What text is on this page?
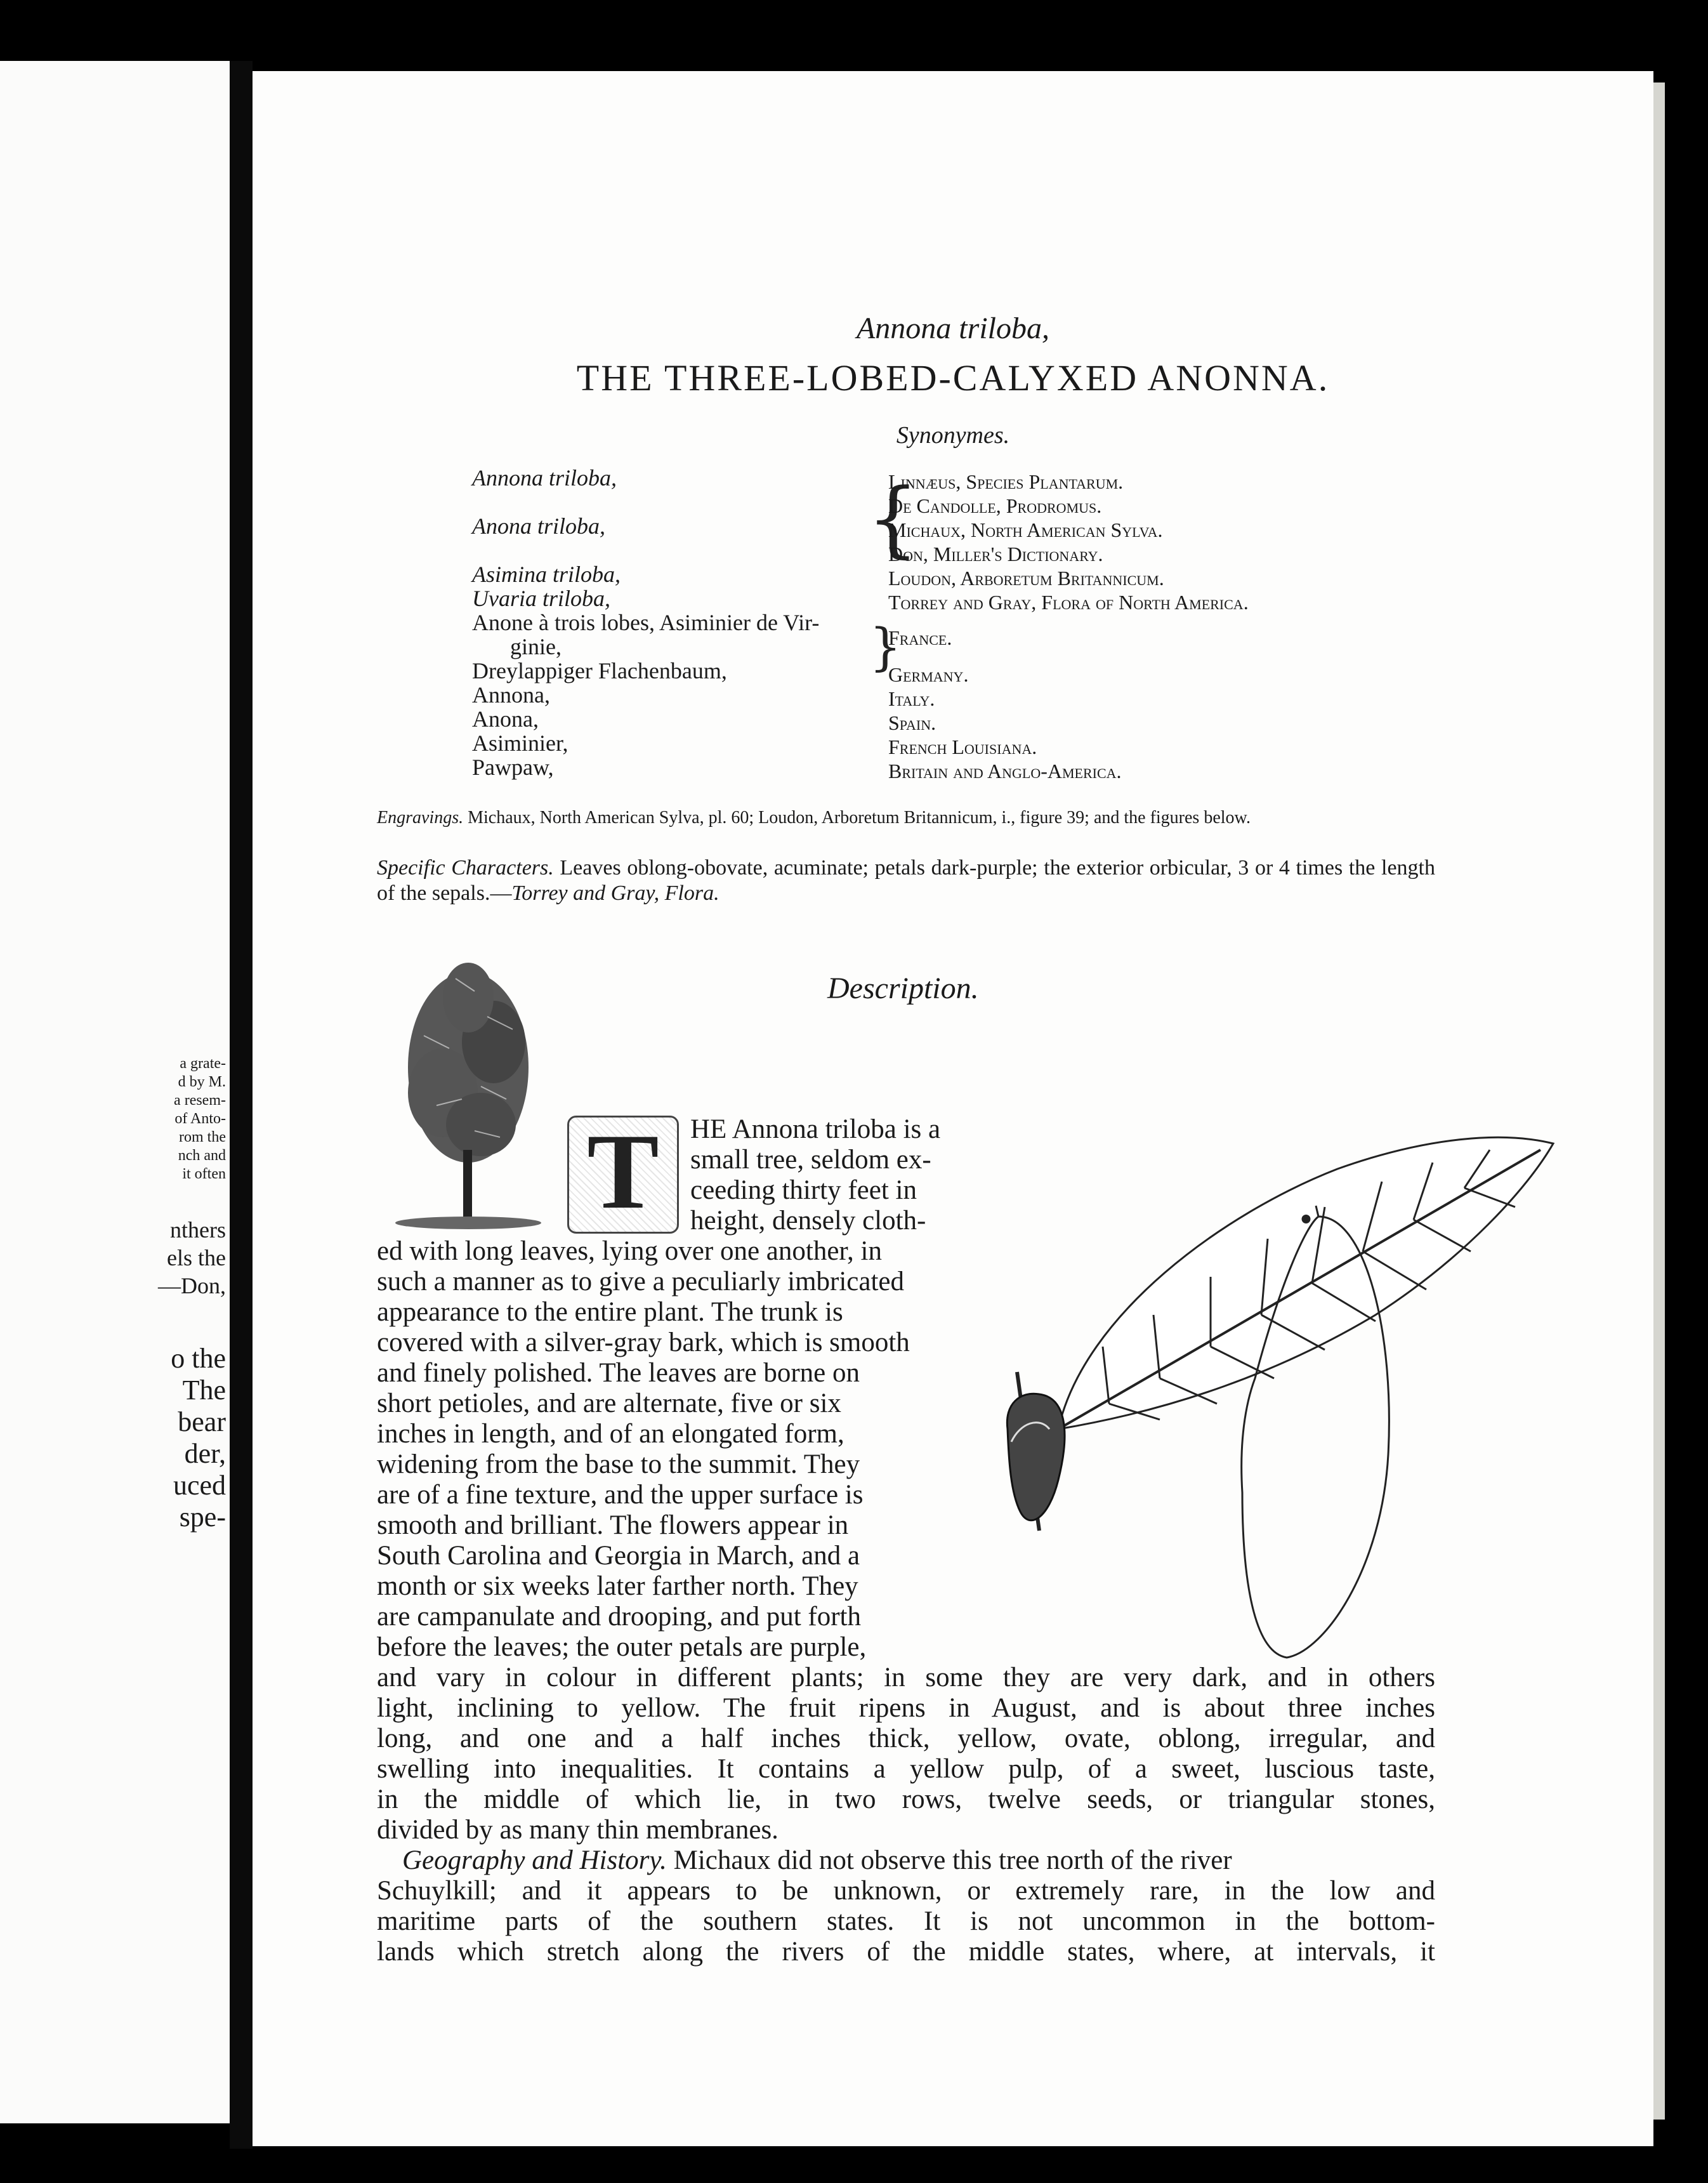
a grate-
d by M.
a resem-
of Anto-
rom the
nch and
it often
nthers
els the
—Don,
o the
The
bear
der,
uced
spe-
Annona triloba,
THE THREE-LOBED-CALYXED ANONNA.
Synonymes.
Annona triloba,
Anona triloba,
Asimina triloba,
Uvaria triloba,
Anone à trois lobes, Asiminier de Vir-
ginie,
Dreylappiger Flachenbaum,
Annona,
Anona,
Asiminier,
Pawpaw,
{
}
Linnæus, Species Plantarum.
De Candolle, Prodromus.
Michaux, North American Sylva.
Don, Miller's Dictionary.
Loudon, Arboretum Britannicum.
Torrey and Gray, Flora of North America.
France.
Germany.
Italy.
Spain.
French Louisiana.
Britain and Anglo-America.
Engravings. Michaux, North American Sylva, pl. 60; Loudon, Arboretum Britannicum, i., figure 39; and the figures below.
Specific Characters. Leaves oblong-obovate, acuminate; petals dark-purple; the exterior orbicular, 3 or 4 times the length of the sepals.—Torrey and Gray, Flora.
Description.
T	HE Annona triloba is a
small tree, seldom ex-
ceeding thirty feet in
height, densely cloth-
ed with long leaves, lying over one another, in
such a manner as to give a peculiarly imbricated
appearance to the entire plant. The trunk is
covered with a silver-gray bark, which is smooth
and finely polished. The leaves are borne on
short petioles, and are alternate, five or six
inches in length, and of an elongated form,
widening from the base to the summit. They
are of a fine texture, and the upper surface is
smooth and brilliant. The flowers appear in
South Carolina and Georgia in March, and a
month or six weeks later farther north. They
are campanulate and drooping, and put forth
before the leaves; the outer petals are purple,
and vary in colour in different plants; in some they are very dark, and in others
light, inclining to yellow. The fruit ripens in August, and is about three inches
long, and one and a half inches thick, yellow, ovate, oblong, irregular, and
swelling into inequalities. It contains a yellow pulp, of a sweet, luscious taste,
in the middle of which lie, in two rows, twelve seeds, or triangular stones,
divided by as many thin membranes.
Geography and History. Michaux did not observe this tree north of the river
Schuylkill; and it appears to be unknown, or extremely rare, in the low and
maritime parts of the southern states. It is not uncommon in the bottom-
lands which stretch along the rivers of the middle states, where, at intervals, it
